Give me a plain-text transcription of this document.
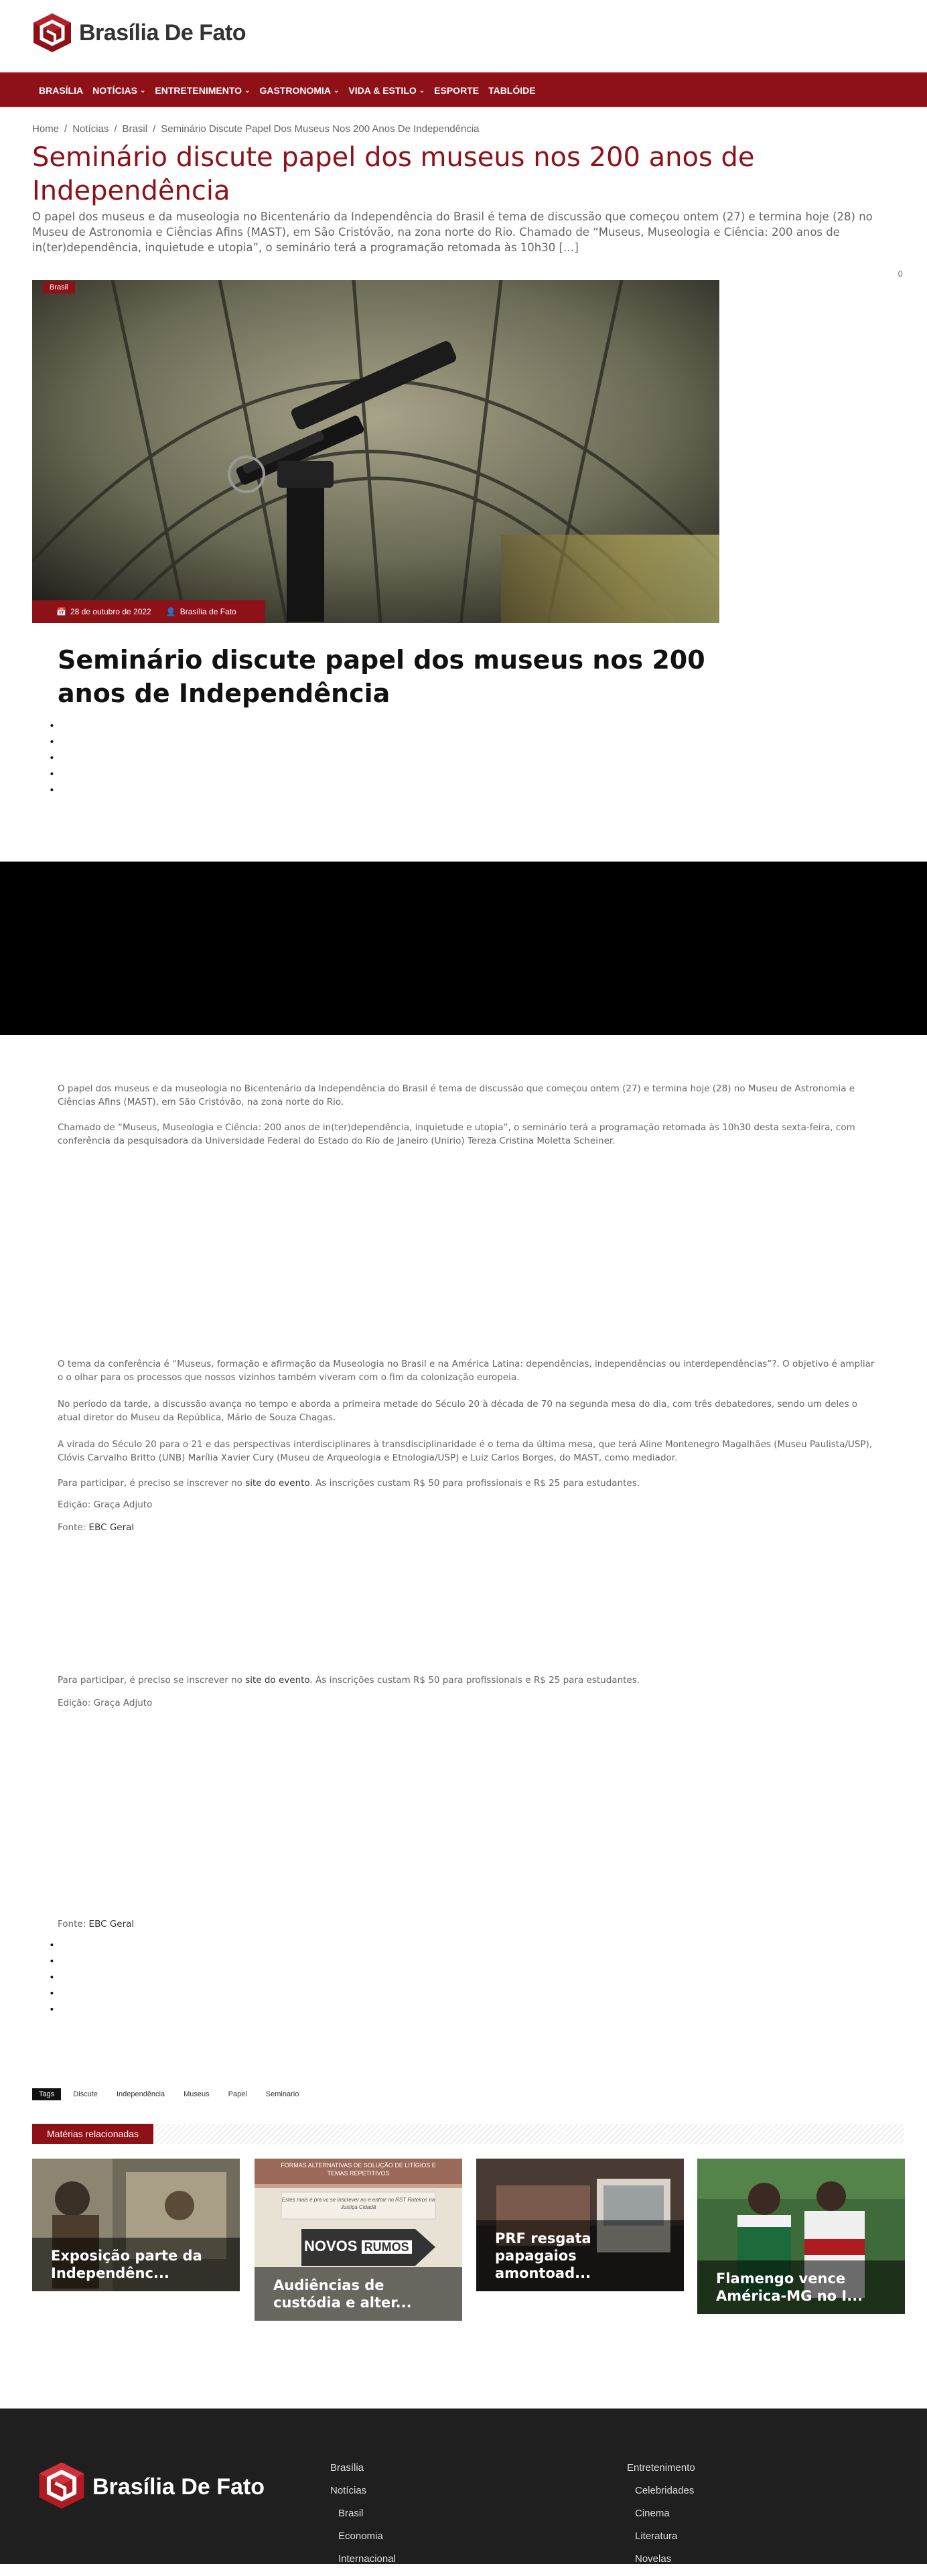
Brasília De Fato
BRASÍLIA NOTÍCIAS ⌄ ENTRETENIMENTO ⌄ GASTRONOMIA ⌄ VIDA & ESTILO ⌄ ESPORTE TABLÓIDE
Home / Notícias / Brasil / Seminário Discute Papel Dos Museus Nos 200 Anos De Independência
Seminário discute papel dos museus nos 200 anos de Independência

O papel dos museus e da museologia no Bicentenário da Independência do Brasil é tema de discussão que começou ontem (27) e termina hoje (28) no Museu de Astronomia e Ciências Afins (MAST), em São Cristóvão, na zona norte do Rio. Chamado de “Museus, Museologia e Ciência: 200 anos de in(ter)dependência, inquietude e utopia”, o seminário terá a programação retomada às 10h30 […]

0
Brasil
📅 28 de outubro de 2022 👤 Brasília de Fato
Seminário discute papel dos museus nos 200 anos de Independência

O papel dos museus e da museologia no Bicentenário da Independência do Brasil é tema de discussão que começou ontem (27) e termina hoje (28) no Museu de Astronomia e Ciências Afins (MAST), em São Cristóvão, na zona norte do Rio.

Chamado de “Museus, Museologia e Ciência: 200 anos de in(ter)dependência, inquietude e utopia”, o seminário terá a programação retomada às 10h30 desta sexta-feira, com conferência da pesquisadora da Universidade Federal do Estado do Rio de Janeiro (Unirio) Tereza Cristina Moletta Scheiner.

O tema da conferência é “Museus, formação e afirmação da Museologia no Brasil e na América Latina: dependências, independências ou interdependências”?. O objetivo é ampliar o o olhar para os processos que nossos vizinhos também viveram com o fim da colonização europeia.

No período da tarde, a discussão avança no tempo e aborda a primeira metade do Século 20 à década de 70 na segunda mesa do dia, com três debatedores, sendo um deles o atual diretor do Museu da República, Mário de Souza Chagas.

A virada do Século 20 para o 21 e das perspectivas interdisciplinares à transdisciplinaridade é o tema da última mesa, que terá Aline Montenegro Magalhães (Museu Paulista/USP), Clóvis Carvalho Britto (UNB) Marília Xavier Cury (Museu de Arqueologia e Etnologia/USP) e Luiz Carlos Borges, do MAST, como mediador.

Para participar, é preciso se inscrever no site do evento. As inscrições custam R$ 50 para profissionais e R$ 25 para estudantes.

Edição: Graça Adjuto

Fonte: EBC Geral

Para participar, é preciso se inscrever no site do evento. As inscrições custam R$ 50 para profissionais e R$ 25 para estudantes.

Edição: Graça Adjuto

Fonte: EBC Geral

Tags	Discute	Independência	Museus	Papel	Seminario
Matérias relacionadas
Exposição parte da Independênc...
FORMAS ALTERNATIVAS DE SOLUÇÃO DE LITÍGIOS E TEMAS REPETITIVOS
Estes mais é pra vc se inscrever no e entrar no RST Roteiros na Justiça Cidadã
NOVOS RUMOS
Audiências de custódia e alter...
PRF resgata papagaios amontoad...	Flamengo vence América-MG no I...
Brasília De Fato
Brasília
Notícias
Brasil
Economia
Internacional
Entretenimento
Celebridades
Cinema
Literatura
Novelas
